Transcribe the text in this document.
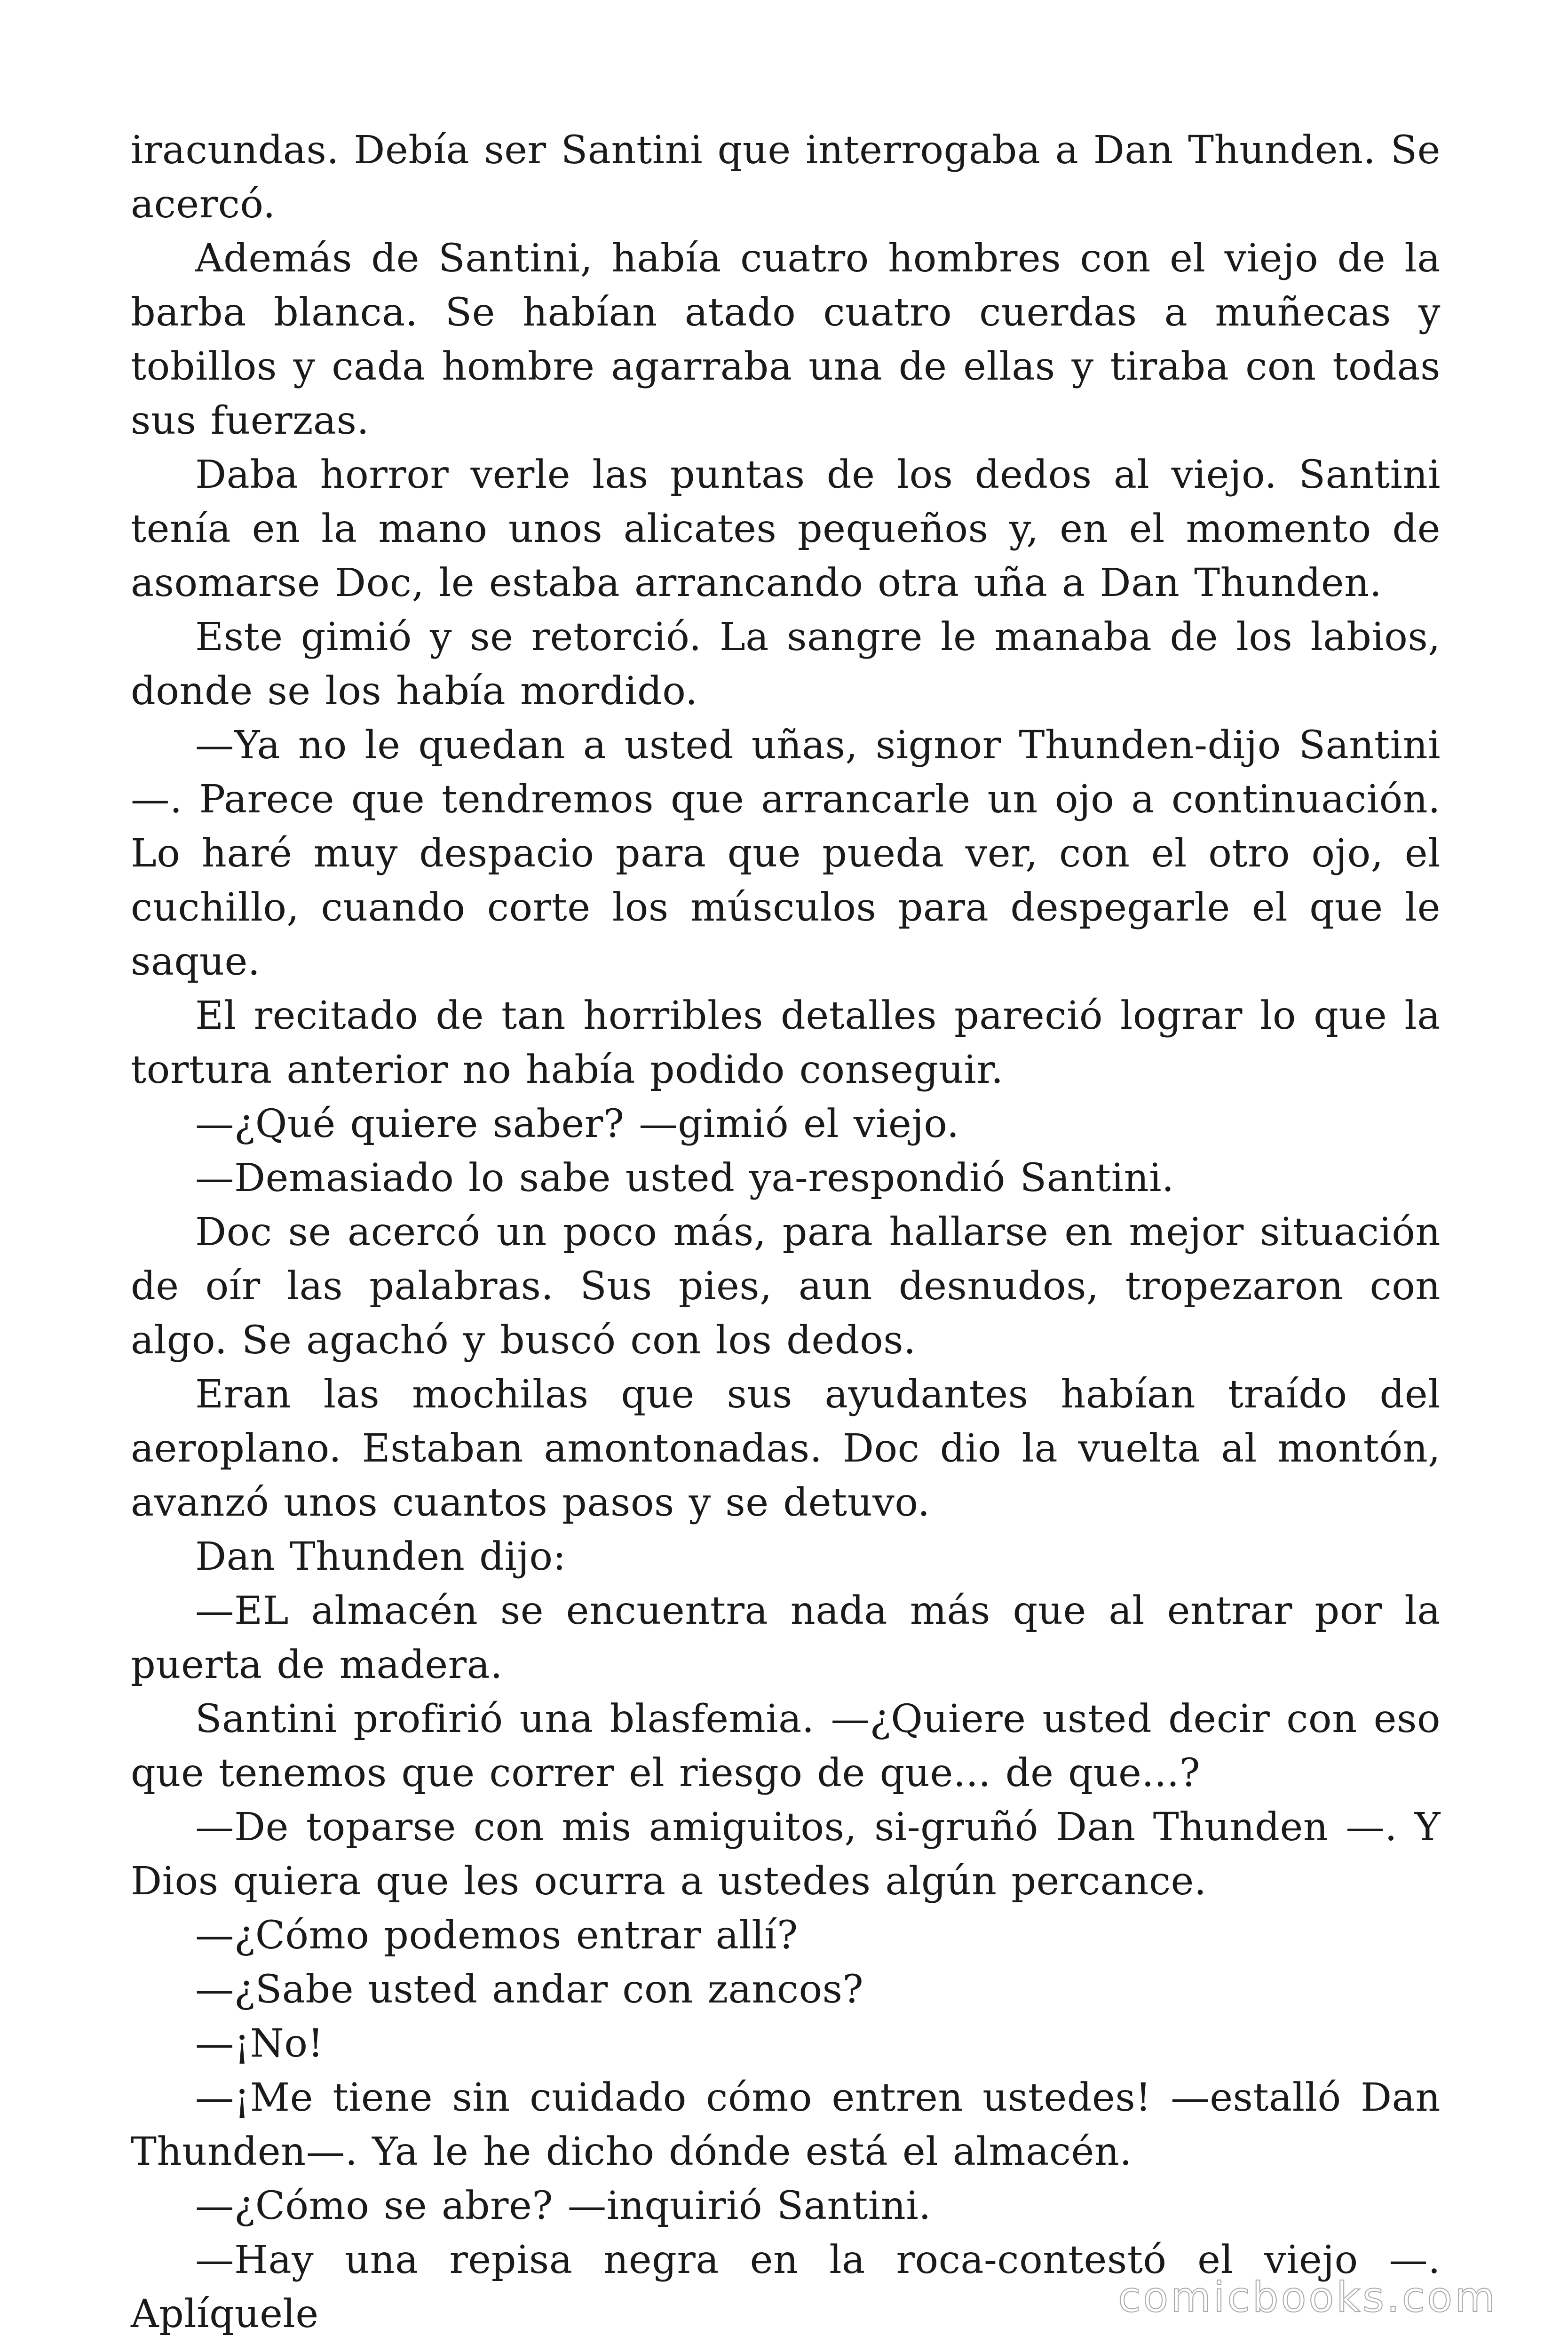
iracundas. Debía ser Santini que interrogaba a Dan Thunden. Se acercó.

Además de Santini, había cuatro hombres con el viejo de la barba blanca. Se habían atado cuatro cuerdas a muñecas y tobillos y cada hombre agarraba una de ellas y tiraba con todas sus fuerzas.

Daba horror verle las puntas de los dedos al viejo. Santini tenía en la mano unos alicates pequeños y, en el momento de asomarse Doc, le estaba arrancando otra uña a Dan Thunden.

Este gimió y se retorció. La sangre le manaba de los labios, donde se los había mordido.

—Ya no le quedan a usted uñas, signor Thunden-dijo Santini —. Parece que tendremos que arrancarle un ojo a continuación. Lo haré muy despacio para que pueda ver, con el otro ojo, el cuchillo, cuando corte los músculos para despegarle el que le saque.

El recitado de tan horribles detalles pareció lograr lo que la tortura anterior no había podido conseguir.

—¿Qué quiere saber? —gimió el viejo.

—Demasiado lo sabe usted ya-respondió Santini.

Doc se acercó un poco más, para hallarse en mejor situación de oír las palabras. Sus pies, aun desnudos, tropezaron con algo. Se agachó y buscó con los dedos.

Eran las mochilas que sus ayudantes habían traído del aeroplano. Estaban amontonadas. Doc dio la vuelta al montón, avanzó unos cuantos pasos y se detuvo.

Dan Thunden dijo:

—EL almacén se encuentra nada más que al entrar por la puerta de madera.

Santini profirió una blasfemia. —¿Quiere usted decir con eso que tenemos que correr el riesgo de que... de que...?

—De toparse con mis amiguitos, si-gruñó Dan Thunden —. Y Dios quiera que les ocurra a ustedes algún percance.

—¿Cómo podemos entrar allí?

—¿Sabe usted andar con zancos?

—¡No!

—¡Me tiene sin cuidado cómo entren ustedes! —estalló Dan Thunden—. Ya le he dicho dónde está el almacén.

—¿Cómo se abre? —inquirió Santini.

—Hay una repisa negra en la roca-contestó el viejo —. Aplíquele	comicbooks.com
